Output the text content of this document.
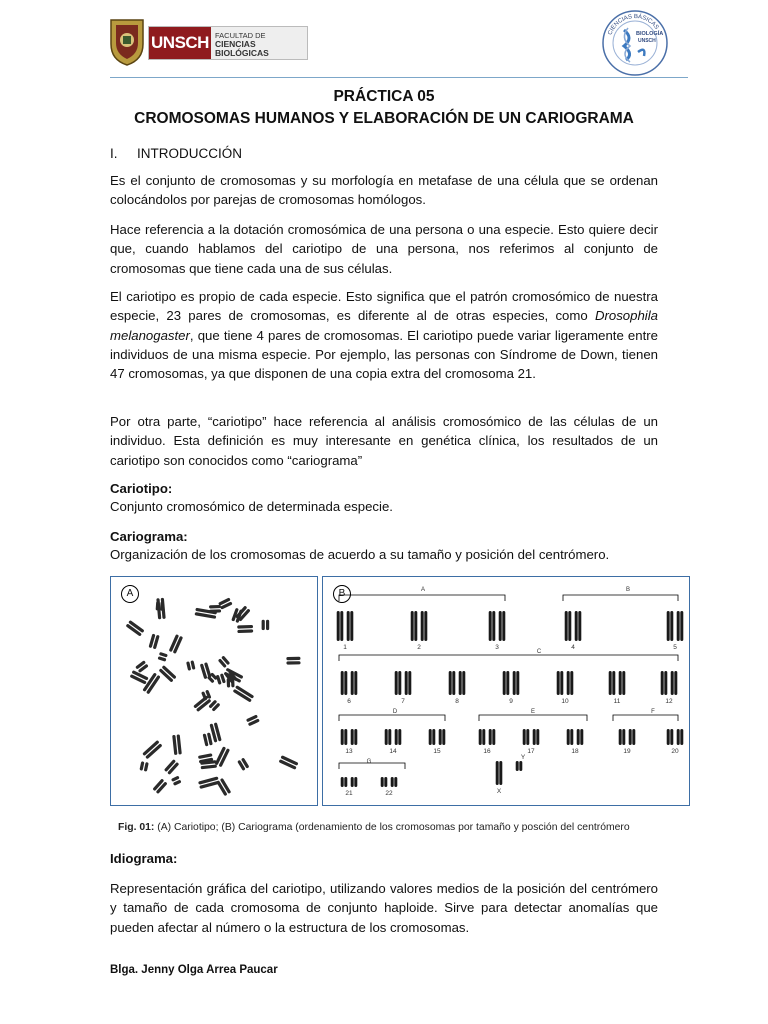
UNSCH FACULTAD DE
CIENCIAS BIOLÓGICAS
CIENCIAS BÁSICAS
BIOLOGÍA
UNSCH
PRÁCTICA 05
CROMOSOMAS HUMANOS Y ELABORACIÓN DE UN CARIOGRAMA
I. INTRODUCCIÓN
Es el conjunto de cromosomas y su morfología en metafase de una célula que se ordenan colocándolos por parejas de cromosomas homólogos.
Hace referencia a la dotación cromosómica de una persona o una especie. Esto quiere decir que, cuando hablamos del cariotipo de una persona, nos referimos al conjunto de cromosomas que tiene cada una de sus células.
El cariotipo es propio de cada especie. Esto significa que el patrón cromosómico de nuestra especie, 23 pares de cromosomas, es diferente al de otras especies, como Drosophila melanogaster, que tiene 4 pares de cromosomas. El cariotipo puede variar ligeramente entre individuos de una misma especie. Por ejemplo, las personas con Síndrome de Down, tienen 47 cromosomas, ya que disponen de una copia extra del cromosoma 21.
Por otra parte, “cariotipo” hace referencia al análisis cromosómico de las células de un individuo. Esta definición es muy interesante en genética clínica, los resultados de un cariotipo son conocidos como “cariograma”
Cariotipo:
Conjunto cromosómico de determinada especie.
Cariograma:
Organización de los cromosomas de acuerdo a su tamaño y posición del centrómero.
A	B	A	B
C
D	E	F
G
1	2	3	4	5
6	7	8	9	10	11	12
13	14	15	16	17	18	19	20
21	22	X
Y
Fig. 01: (A) Cariotipo; (B) Cariograma (ordenamiento de los cromosomas por tamaño y posción del centrómero
Idiograma:
Representación gráfica del cariotipo, utilizando valores medios de la posición del centrómero y tamaño de cada cromosoma de conjunto haploide. Sirve para detectar anomalías que pueden afectar al número o la estructura de los cromosomas.
Blga. Jenny Olga Arrea Paucar
